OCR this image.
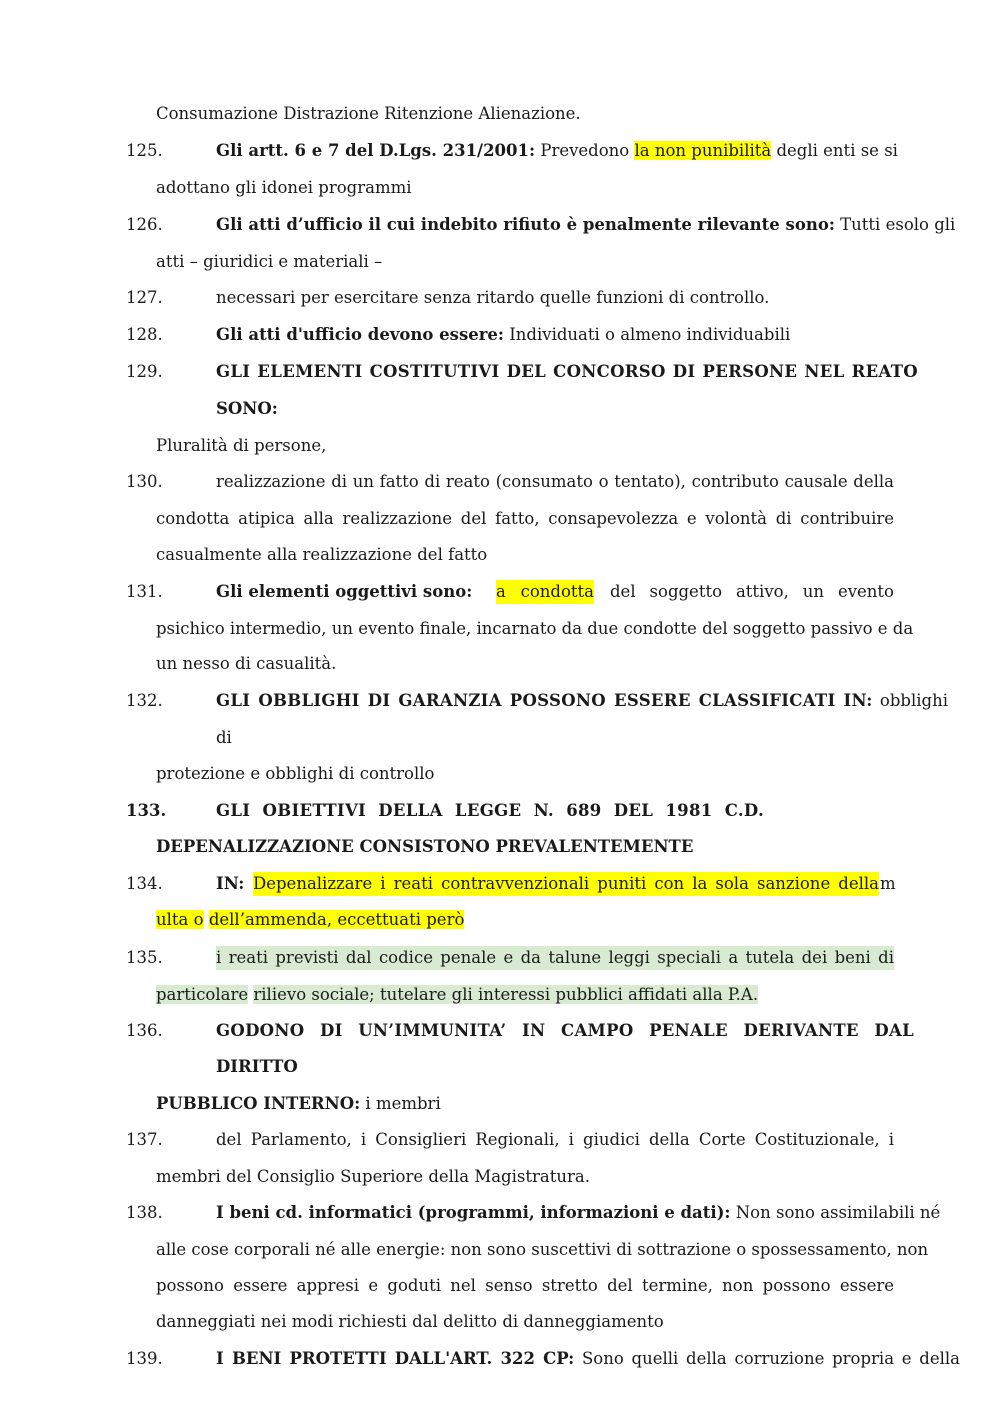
Consumazione Distrazione Ritenzione Alienazione.
125.	Gli artt. 6 e 7 del D.Lgs. 231/2001: Prevedono la non punibilità degli enti se si
adottano gli idonei programmi
126.	Gli atti d’ufficio il cui indebito rifiuto è penalmente rilevante sono: Tutti esolo gli
atti – giuridici e materiali –
127.	necessari per esercitare senza ritardo quelle funzioni di controllo.
128.	Gli atti d'ufficio devono essere: Individuati o almeno individuabili
129.	GLI ELEMENTI COSTITUTIVI DEL CONCORSO DI PERSONE NEL REATO
SONO:
Pluralità di persone,
130.	realizzazione di un fatto di reato (consumato o tentato), contributo causale della
condotta atipica alla realizzazione del fatto, consapevolezza e volontà di contribuire
casualmente alla realizzazione del fatto
131.	Gli elementi oggettivi sono: a condotta del soggetto attivo, un evento
psichico intermedio, un evento finale, incarnato da due condotte del soggetto passivo e da
un nesso di casualità.
132.	GLI OBBLIGHI DI GARANZIA POSSONO ESSERE CLASSIFICATI IN: obblighi
di
protezione e obblighi di controllo
133.	GLI OBIETTIVI DELLA LEGGE N. 689 DEL 1981 C.D.
DEPENALIZZAZIONE CONSISTONO PREVALENTEMENTE
134.	IN: Depenalizzare i reati contravvenzionali puniti con la sola sanzione della m
ulta o dell’ammenda, eccettuati però
135.	i reati previsti dal codice penale e da talune leggi speciali a tutela dei beni di
particolare rilievo sociale; tutelare gli interessi pubblici affidati alla P.A.
136.	GODONO DI UN’IMMUNITA’ IN CAMPO PENALE DERIVANTE DAL
DIRITTO
PUBBLICO INTERNO: i membri
137.	del Parlamento, i Consiglieri Regionali, i giudici della Corte Costituzionale, i
membri del Consiglio Superiore della Magistratura.
138.	I beni cd. informatici (programmi, informazioni e dati): Non sono assimilabili né
alle cose corporali né alle energie: non sono suscettivi di sottrazione o spossessamento, non
possono essere appresi e goduti nel senso stretto del termine, non possono essere
danneggiati nei modi richiesti dal delitto di danneggiamento
139.	I BENI PROTETTI DALL'ART. 322 CP: Sono quelli della corruzione propria e della
